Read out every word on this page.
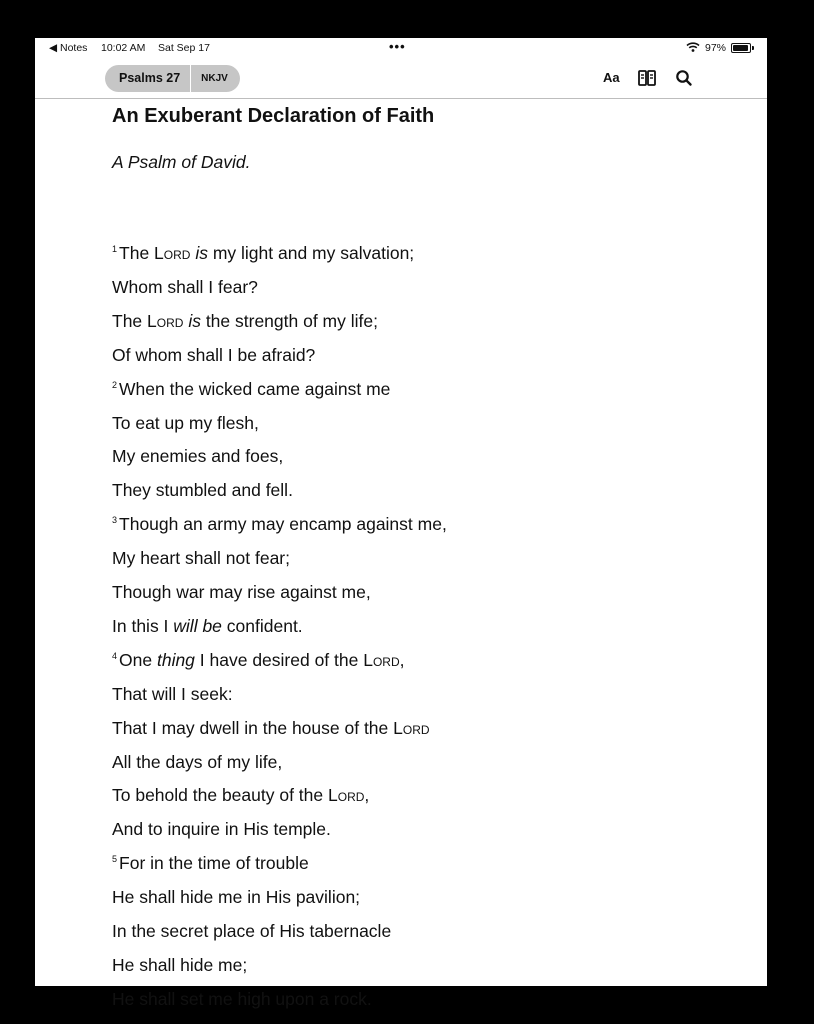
◀ Notes 10:02 AM Sat Sep 17	•••	97%
Psalms 27	NKJV	Aa
An Exuberant Declaration of Faith
A Psalm of David.
$^1$ The Lord is my light and my salvation;
Whom shall I fear?
The Lord is the strength of my life;
Of whom shall I be afraid?
$^2$ When the wicked came against me
To eat up my flesh,
My enemies and foes,
They stumbled and fell.
$^3$ Though an army may encamp against me,
My heart shall not fear;
Though war may rise against me,
In this I will be confident.
$^4$ One thing I have desired of the Lord,
That will I seek:
That I may dwell in the house of the Lord
All the days of my life,
To behold the beauty of the Lord,
And to inquire in His temple.
$^5$ For in the time of trouble
He shall hide me in His pavilion;
In the secret place of His tabernacle
He shall hide me;
He shall set me high upon a rock.
